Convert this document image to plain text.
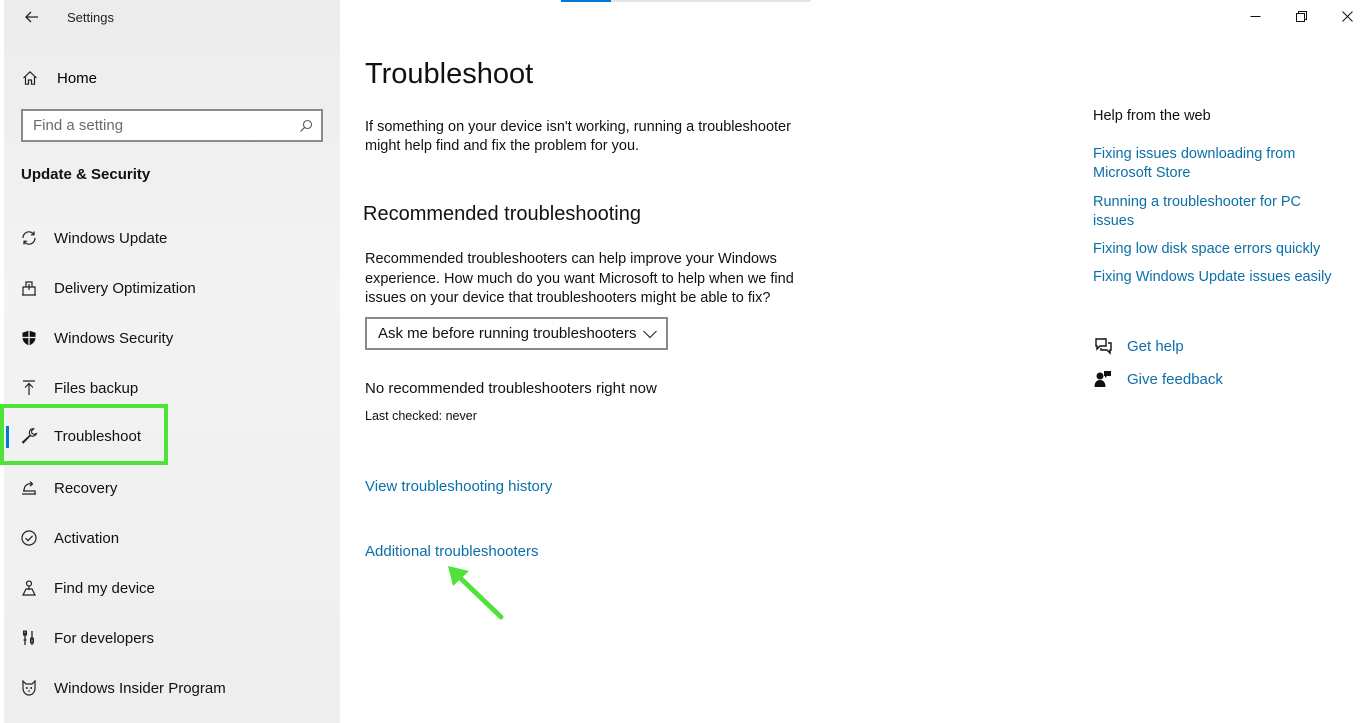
Settings
Home
Find a setting
Update & Security
Windows Update
Delivery Optimization
Windows Security
Files backup
Troubleshoot
Recovery
Activation
Find my device
For developers
Windows Insider Program
Troubleshoot

If something on your device isn't working, running a troubleshooter might help find and fix the problem for you.

Recommended troubleshooting

Recommended troubleshooters can help improve your Windows experience. How much do you want Microsoft to help when we find issues on your device that troubleshooters might be able to fix?

Ask me before running troubleshooters
No recommended troubleshooters right now
Last checked: never
View troubleshooting history
Additional troubleshooters
Help from the web
Fixing issues downloading from Microsoft Store
Running a troubleshooter for PC issues
Fixing low disk space errors quickly
Fixing Windows Update issues easily
Get help
Give feedback
